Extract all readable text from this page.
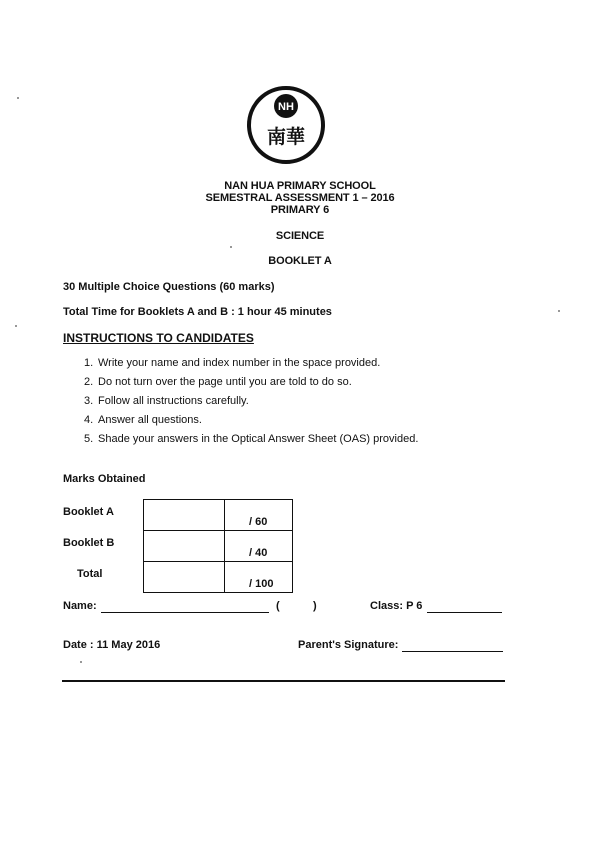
NH
南華
NAN HUA PRIMARY SCHOOL
SEMESTRAL ASSESSMENT 1 – 2016
PRIMARY 6
SCIENCE
BOOKLET A
30 Multiple Choice Questions (60 marks)
Total Time for Booklets A and B : 1 hour 45 minutes
INSTRUCTIONS TO CANDIDATES
1. Write your name and index number in the space provided.
2. Do not turn over the page until you are told to do so.
3. Follow all instructions carefully.
4. Answer all questions.
5. Shade your answers in the Optical Answer Sheet (OAS) provided.
Marks Obtained
Booklet A		/ 60
Booklet B		/ 40
Total		/ 100
Name:	(	)	Class: P 6
Date : 11 May 2016	Parent's Signature:
